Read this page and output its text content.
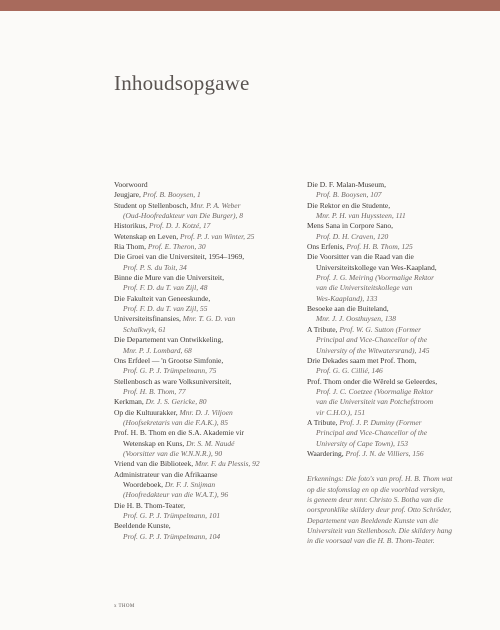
Inhoudsopgawe
Voorwoord
Jeugjare, Prof. B. Booysen, 1
Student op Stellenbosch, Mnr. P. A. Weber
(Oud-Hoofredakteur van Die Burger), 8
Historikus, Prof. D. J. Kotzé, 17
Wetenskap en Leven, Prof. P. J. van Winter, 25
Ria Thom, Prof. E. Theron, 30
Die Groei van die Universiteit, 1954–1969,
Prof. P. S. du Toit, 34
Binne die Mure van die Universiteit,
Prof. F. D. du T. van Zijl, 48
Die Fakulteit van Geneeskunde,
Prof. F. D. du T. van Zijl, 55
Universiteitsfinansies, Mnr. T. G. D. van
Schalkwyk, 61
Die Departement van Ontwikkeling,
Mnr. P. J. Lombard, 68
Ons Erfdeel — 'n Grootse Simfonie,
Prof. G. P. J. Trümpelmann, 75
Stellenbosch as ware Volksuniversiteit,
Prof. H. B. Thom, 77
Kerkman, Dr. J. S. Gericke, 80
Op die Kultuurakker, Mnr. D. J. Viljoen
(Hoofsekretaris van die F.A.K.), 85
Prof. H. B. Thom en die S.A. Akademie vir
Wetenskap en Kuns, Dr. S. M. Naudé
(Voorsitter van die W.N.N.R.), 90
Vriend van die Biblioteek, Mnr. F. du Plessis, 92
Administrateur van die Afrikaanse
Woordeboek, Dr. F. J. Snijman
(Hoofredakteur van die W.A.T.), 96
Die H. B. Thom-Teater,
Prof. G. P. J. Trümpelmann, 101
Beeldende Kunste,
Prof. G. P. J. Trümpelmann, 104
Die D. F. Malan-Museum,
Prof. B. Booysen, 107
Die Rektor en die Studente,
Mnr. P. H. van Huyssteen, 111
Mens Sana in Corpore Sano,
Prof. D. H. Craven, 120
Ons Erfenis, Prof. H. B. Thom, 125
Die Voorsitter van die Raad van die
Universiteitskollege van Wes-Kaapland,
Prof. J. G. Meiring (Voormalige Rektor
van die Universiteitskollege van
Wes-Kaapland), 133
Besoeke aan die Buiteland,
Mnr. J. J. Oosthuysen, 138
A Tribute, Prof. W. G. Sutton (Former
Principal and Vice-Chancellor of the
University of the Witwatersrand), 145
Drie Dekades saam met Prof. Thom,
Prof. G. G. Cillié, 146
Prof. Thom onder die Wêreld se Geleerdes,
Prof. J. C. Coetzee (Voormalige Rektor
van die Universiteit van Potchefstroom
vir C.H.O.), 151
A Tribute, Prof. J. P. Duminy (Former
Principal and Vice-Chancellor of the
University of Cape Town), 153
Waardering, Prof. J. N. de Villiers, 156
Erkennings: Die foto's van prof. H. B. Thom wat
op die stofomslag en op die voorblad verskyn,
is geneem deur mnr. Christo S. Botha van die
oorspronklike skildery deur prof. Otto Schröder,
Departement van Beeldende Kunste van die
Universiteit van Stellenbosch. Die skildery hang
in die voorsaal van die H. B. Thom-Teater.
x THOM
